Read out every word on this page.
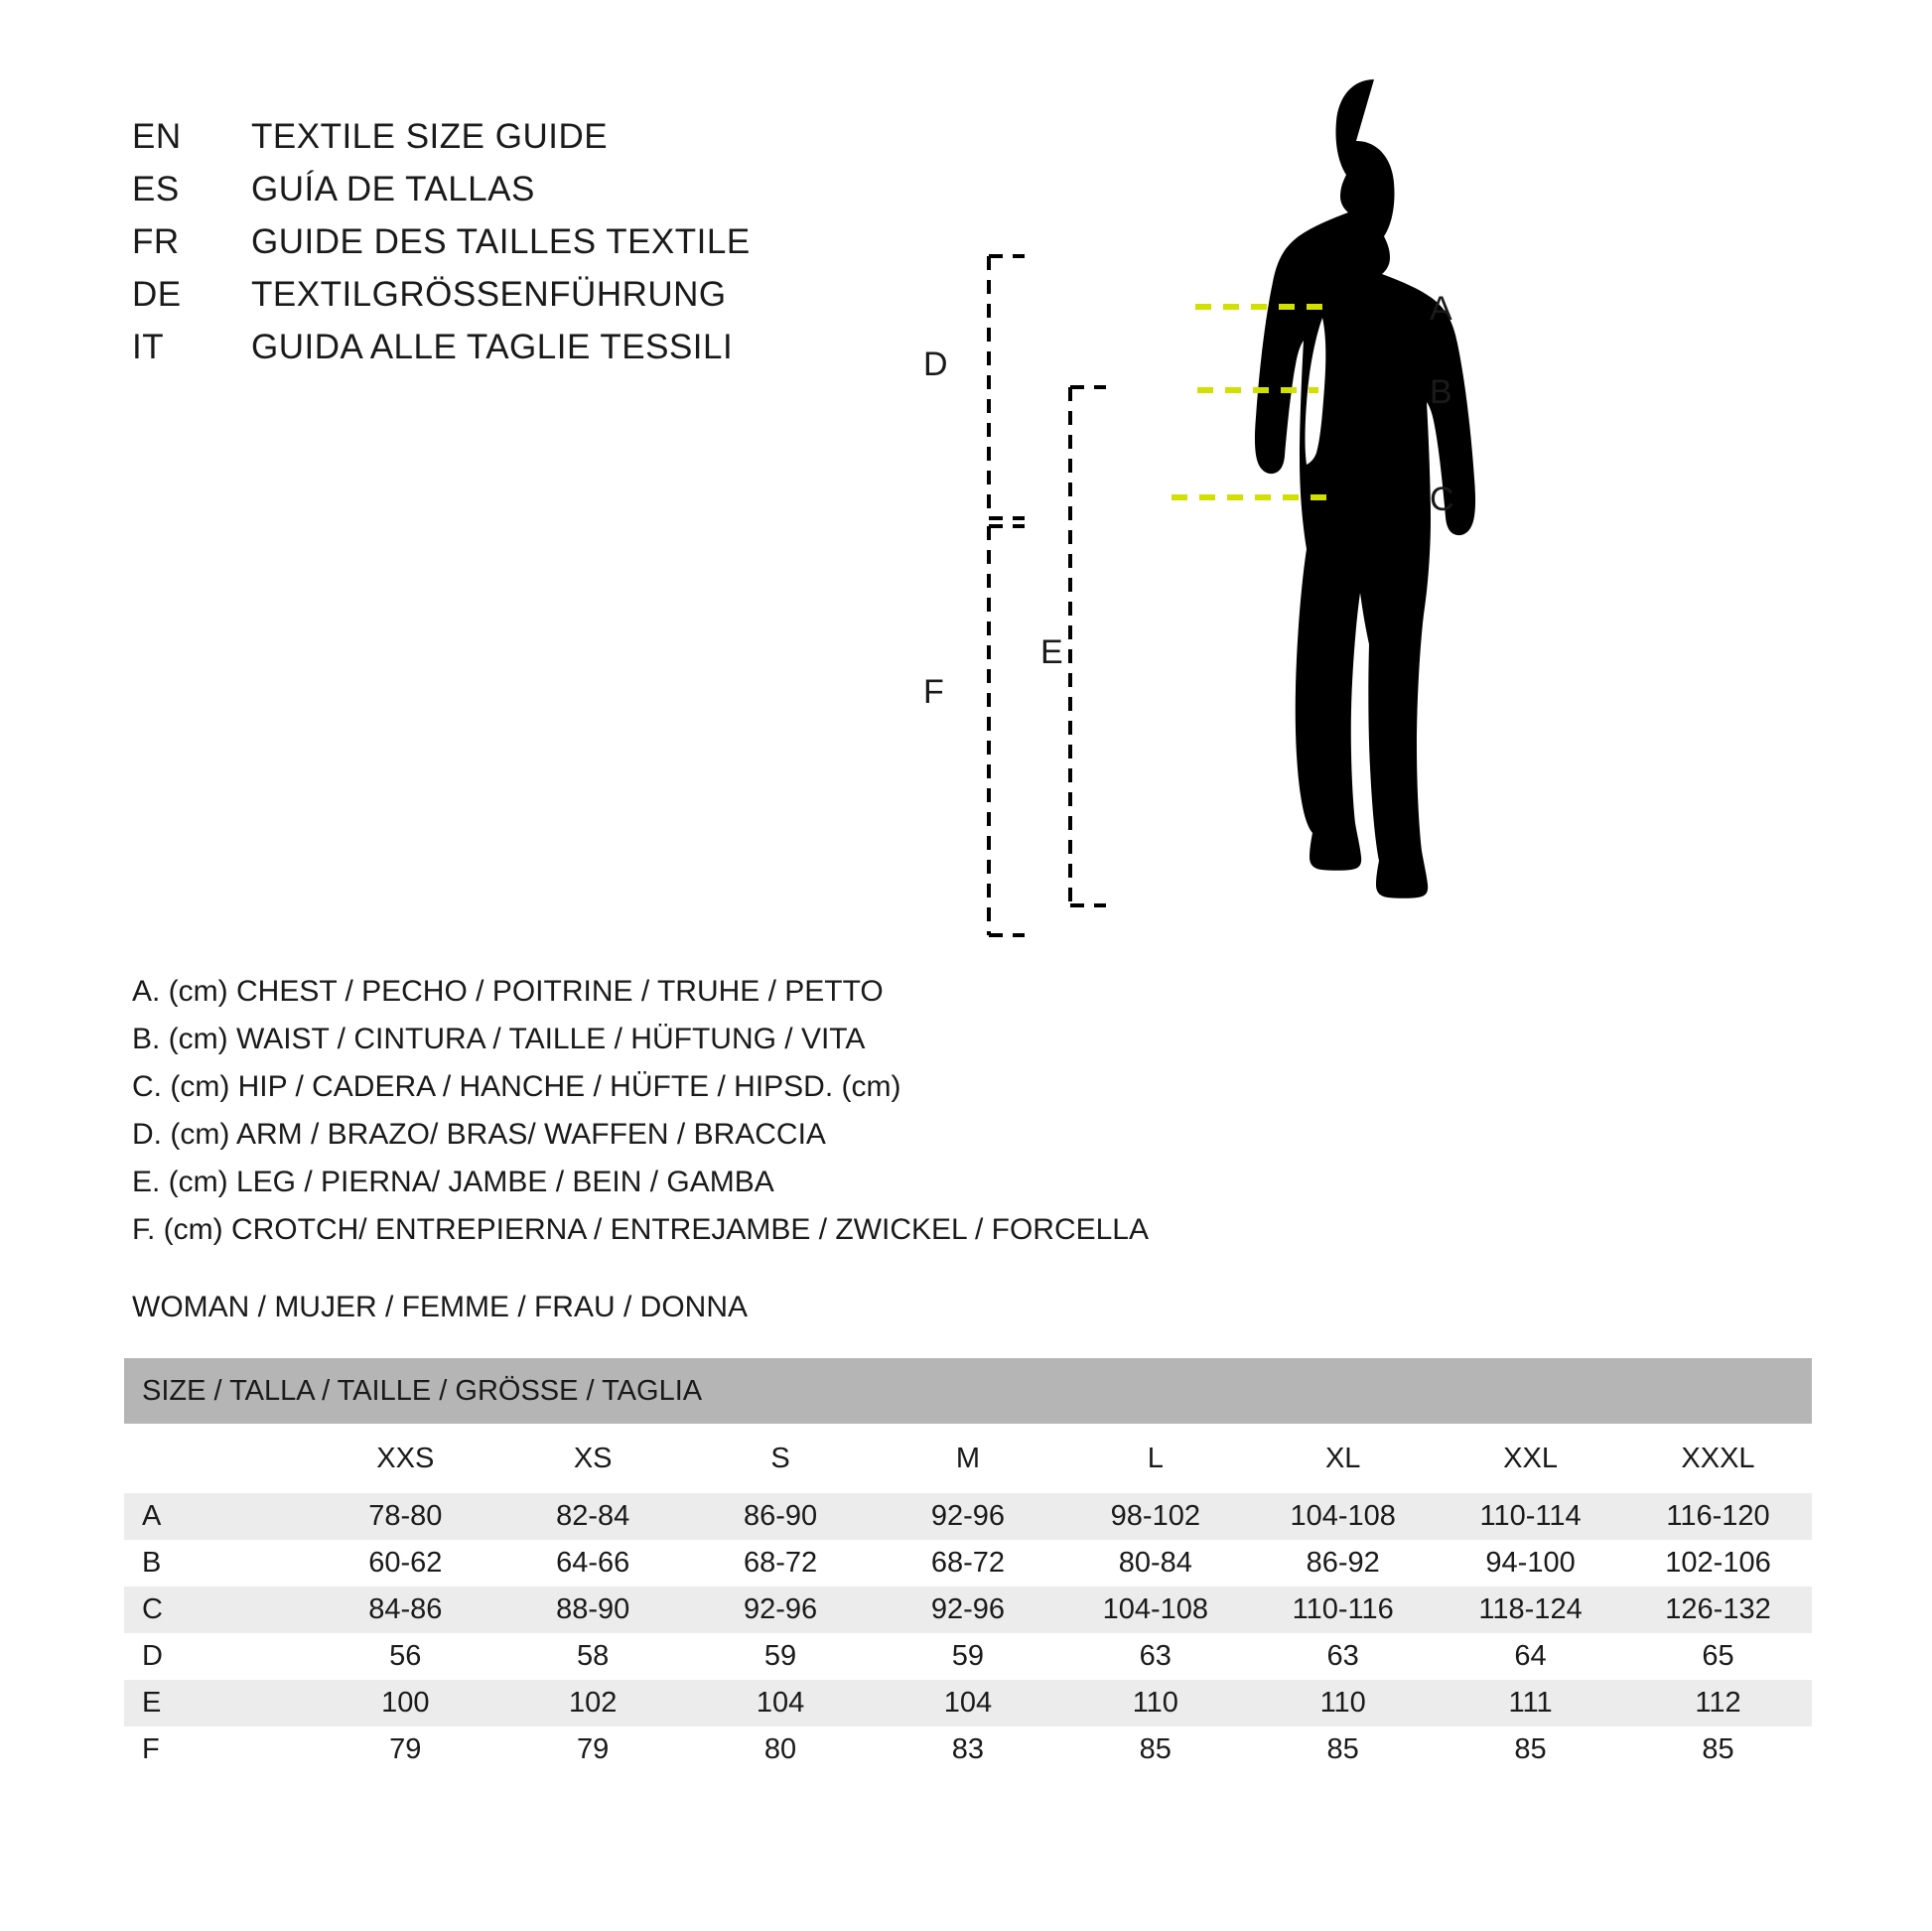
EN	TEXTILE SIZE GUIDE
ES	GUÍA DE TALLAS
FR	GUIDE DES TAILLES TEXTILE
DE	TEXTILGRÖSSENFÜHRUNG
IT	GUIDA ALLE TAGLIE TESSILI
A. (cm) CHEST / PECHO / POITRINE / TRUHE / PETTO
B. (cm) WAIST / CINTURA / TAILLE / HÜFTUNG / VITA
C. (cm) HIP / CADERA / HANCHE / HÜFTE / HIPSD. (cm)
D. (cm) ARM / BRAZO/ BRAS/ WAFFEN / BRACCIA
E. (cm) LEG / PIERNA/ JAMBE / BEIN / GAMBA
F. (cm) CROTCH/ ENTREPIERNA / ENTREJAMBE / ZWICKEL / FORCELLA
WOMAN / MUJER / FEMME / FRAU / DONNA
A
B
C
D
E
F
SIZE / TALLA / TAILLE / GRÖSSE / TAGLIA								
	XXS	XS	S	M	L	XL	XXL	XXXL
A	78-80	82-84	86-90	92-96	98-102	104-108	110-114	116-120
B	60-62	64-66	68-72	68-72	80-84	86-92	94-100	102-106
C	84-86	88-90	92-96	92-96	104-108	110-116	118-124	126-132
D	56	58	59	59	63	63	64	65
E	100	102	104	104	110	110	111	112
F	79	79	80	83	85	85	85	85
